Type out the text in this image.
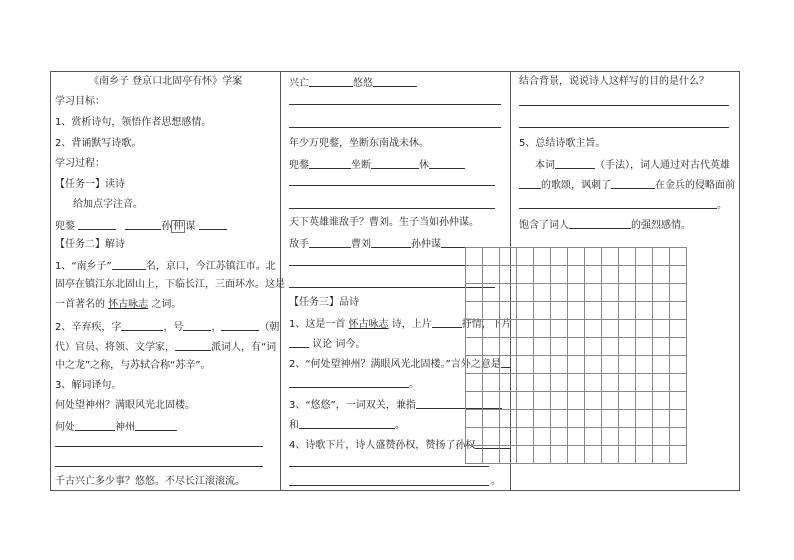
《南乡子 登京口北固亭有怀》学案
学习目标：
1、赏析诗句，领悟作者思想感情。
2、背诵默写诗歌。
学习过程：
【任务一】读诗
给加点字注音。
兜鍪	孙 仲 谋
【任务二】解诗
1、“南乡子”	名，京口，今江苏镇江市。北
固亭在镇江东北固山上，下临长江，三面环水。这是
一首著名的 怀古咏志 之词。
2、辛弃疾，字	，号	，	（朝
代）官员、将领、文学家，	派词人，有“词
中之龙”之称，与苏轼合称“苏辛”。
3、解词译句。
何处望神州？满眼风光北固楼。
何处	神州
千古兴亡多少事？悠悠。不尽长江滚滚流。
兴亡	悠悠
年少万兜鍪，坐断东南战未休。
兜鍪	坐断	休
天下英雄谁敌手？曹刘。生子当如孙仲谋。
敌手	曹刘	孙仲谋
【任务三】品诗
1、这是一首 怀古咏志 诗，上片	抒情，下片
议论 词今。
2、“何处望神州？满眼风光北固楼。”言外之意是
。
3、“悠悠”，一词双关，兼指
和	。
4、诗歌下片，诗人盛赞孙权，赞扬了孙权
。
结合背景，说说诗人这样写的目的是什么？
5、总结诗歌主旨。
本词	（手法），词人通过对古代英雄
的歌颂，讽刺了	在金兵的侵略面前
。
饱含了词人	的强烈感情。
